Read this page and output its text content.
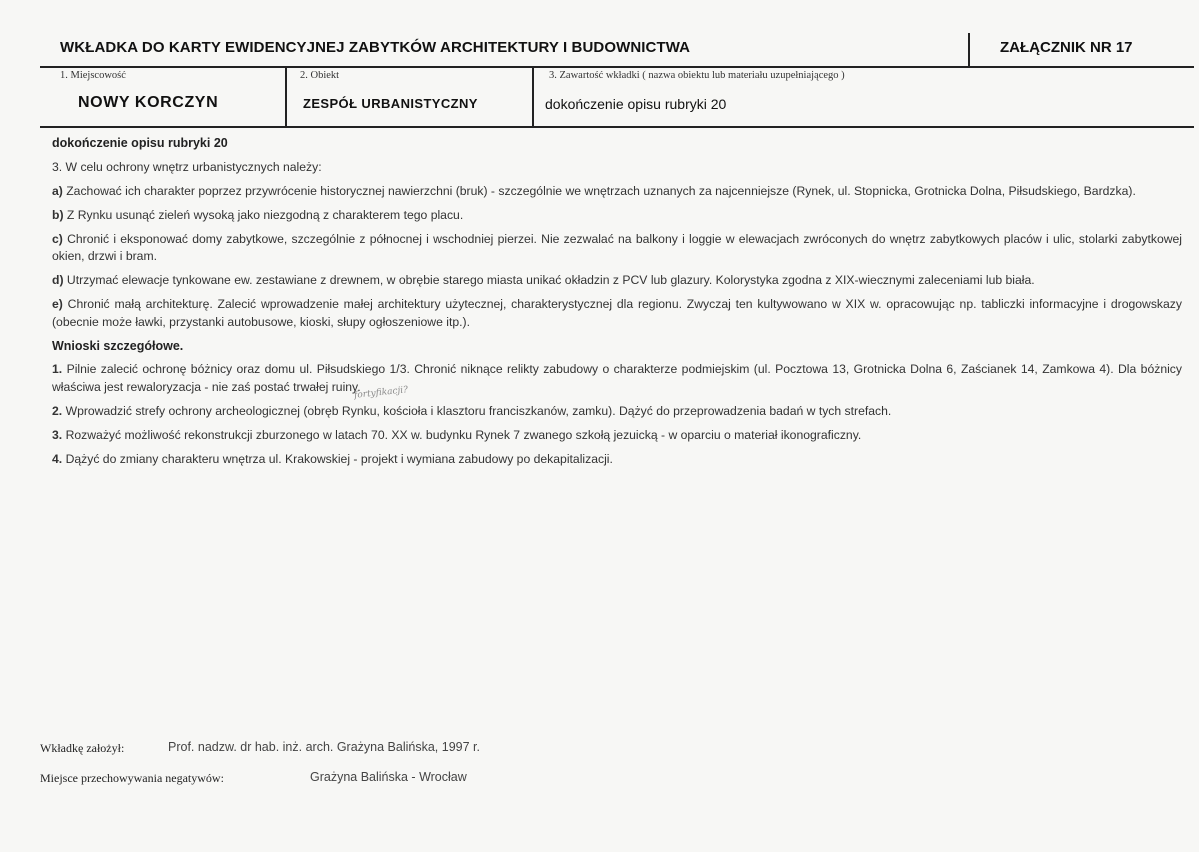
WKŁADKA DO KARTY EWIDENCYJNEJ ZABYTKÓW ARCHITEKTURY I BUDOWNICTWA	ZAŁĄCZNIK NR 17
1. Miejscowość
NOWY KORCZYN
2. Obiekt
ZESPÓŁ URBANISTYCZNY
3. Zawartość wkładki ( nazwa obiektu lub materiału uzupełniającego )
dokończenie opisu rubryki 20

dokończenie opisu rubryki 20

3. W celu ochrony wnętrz urbanistycznych należy:

a) Zachować ich charakter poprzez przywrócenie historycznej nawierzchni (bruk) - szczególnie we wnętrzach uznanych za najcenniejsze (Rynek, ul. Stopnicka, Grotnicka Dolna, Piłsudskiego, Bardzka).

b) Z Rynku usunąć zieleń wysoką jako niezgodną z charakterem tego placu.

c) Chronić i eksponować domy zabytkowe, szczególnie z północnej i wschodniej pierzei. Nie zezwalać na balkony i loggie w elewacjach zwróconych do wnętrz zabytkowych placów i ulic, stolarki zabytkowej okien, drzwi i bram.

d) Utrzymać elewacje tynkowane ew. zestawiane z drewnem, w obrębie starego miasta unikać okładzin z PCV lub glazury. Kolorystyka zgodna z XIX-wiecznymi zaleceniami lub biała.

e) Chronić małą architekturę. Zalecić wprowadzenie małej architektury użytecznej, charakterystycznej dla regionu. Zwyczaj ten kultywowano w XIX w. opracowując np. tabliczki informacyjne i drogowskazy (obecnie może ławki, przystanki autobusowe, kioski, słupy ogłoszeniowe itp.).

Wnioski szczegółowe.

1. Pilnie zalecić ochronę bóżnicy oraz domu ul. Piłsudskiego 1/3. Chronić niknące relikty zabudowy o charakterze podmiejskim (ul. Pocztowa 13, Grotnicka Dolna 6, Zaścianek 14, Zamkowa 4). Dla bóżnicy właściwa jest rewaloryzacja - nie zaś postać trwałej ruiny.

2. Wprowadzić strefy ochrony archeologicznej (obręb Rynku, kościoła i klasztoru franciszkanów, zamku). Dążyć do przeprowadzenia badań w tych strefach.

3. Rozważyć możliwość rekonstrukcji zburzonego w latach 70. XX w. budynku Rynek 7 zwanego szkołą jezuicką - w oparciu o materiał ikonograficzny.

4. Dążyć do zmiany charakteru wnętrza ul. Krakowskiej - projekt i wymiana zabudowy po dekapitalizacji.

fortyfikacji?
Wkładkę założył:	Prof. nadzw. dr hab. inż. arch. Grażyna Balińska, 1997 r.
Miejsce przechowywania negatywów:	Grażyna Balińska - Wrocław
